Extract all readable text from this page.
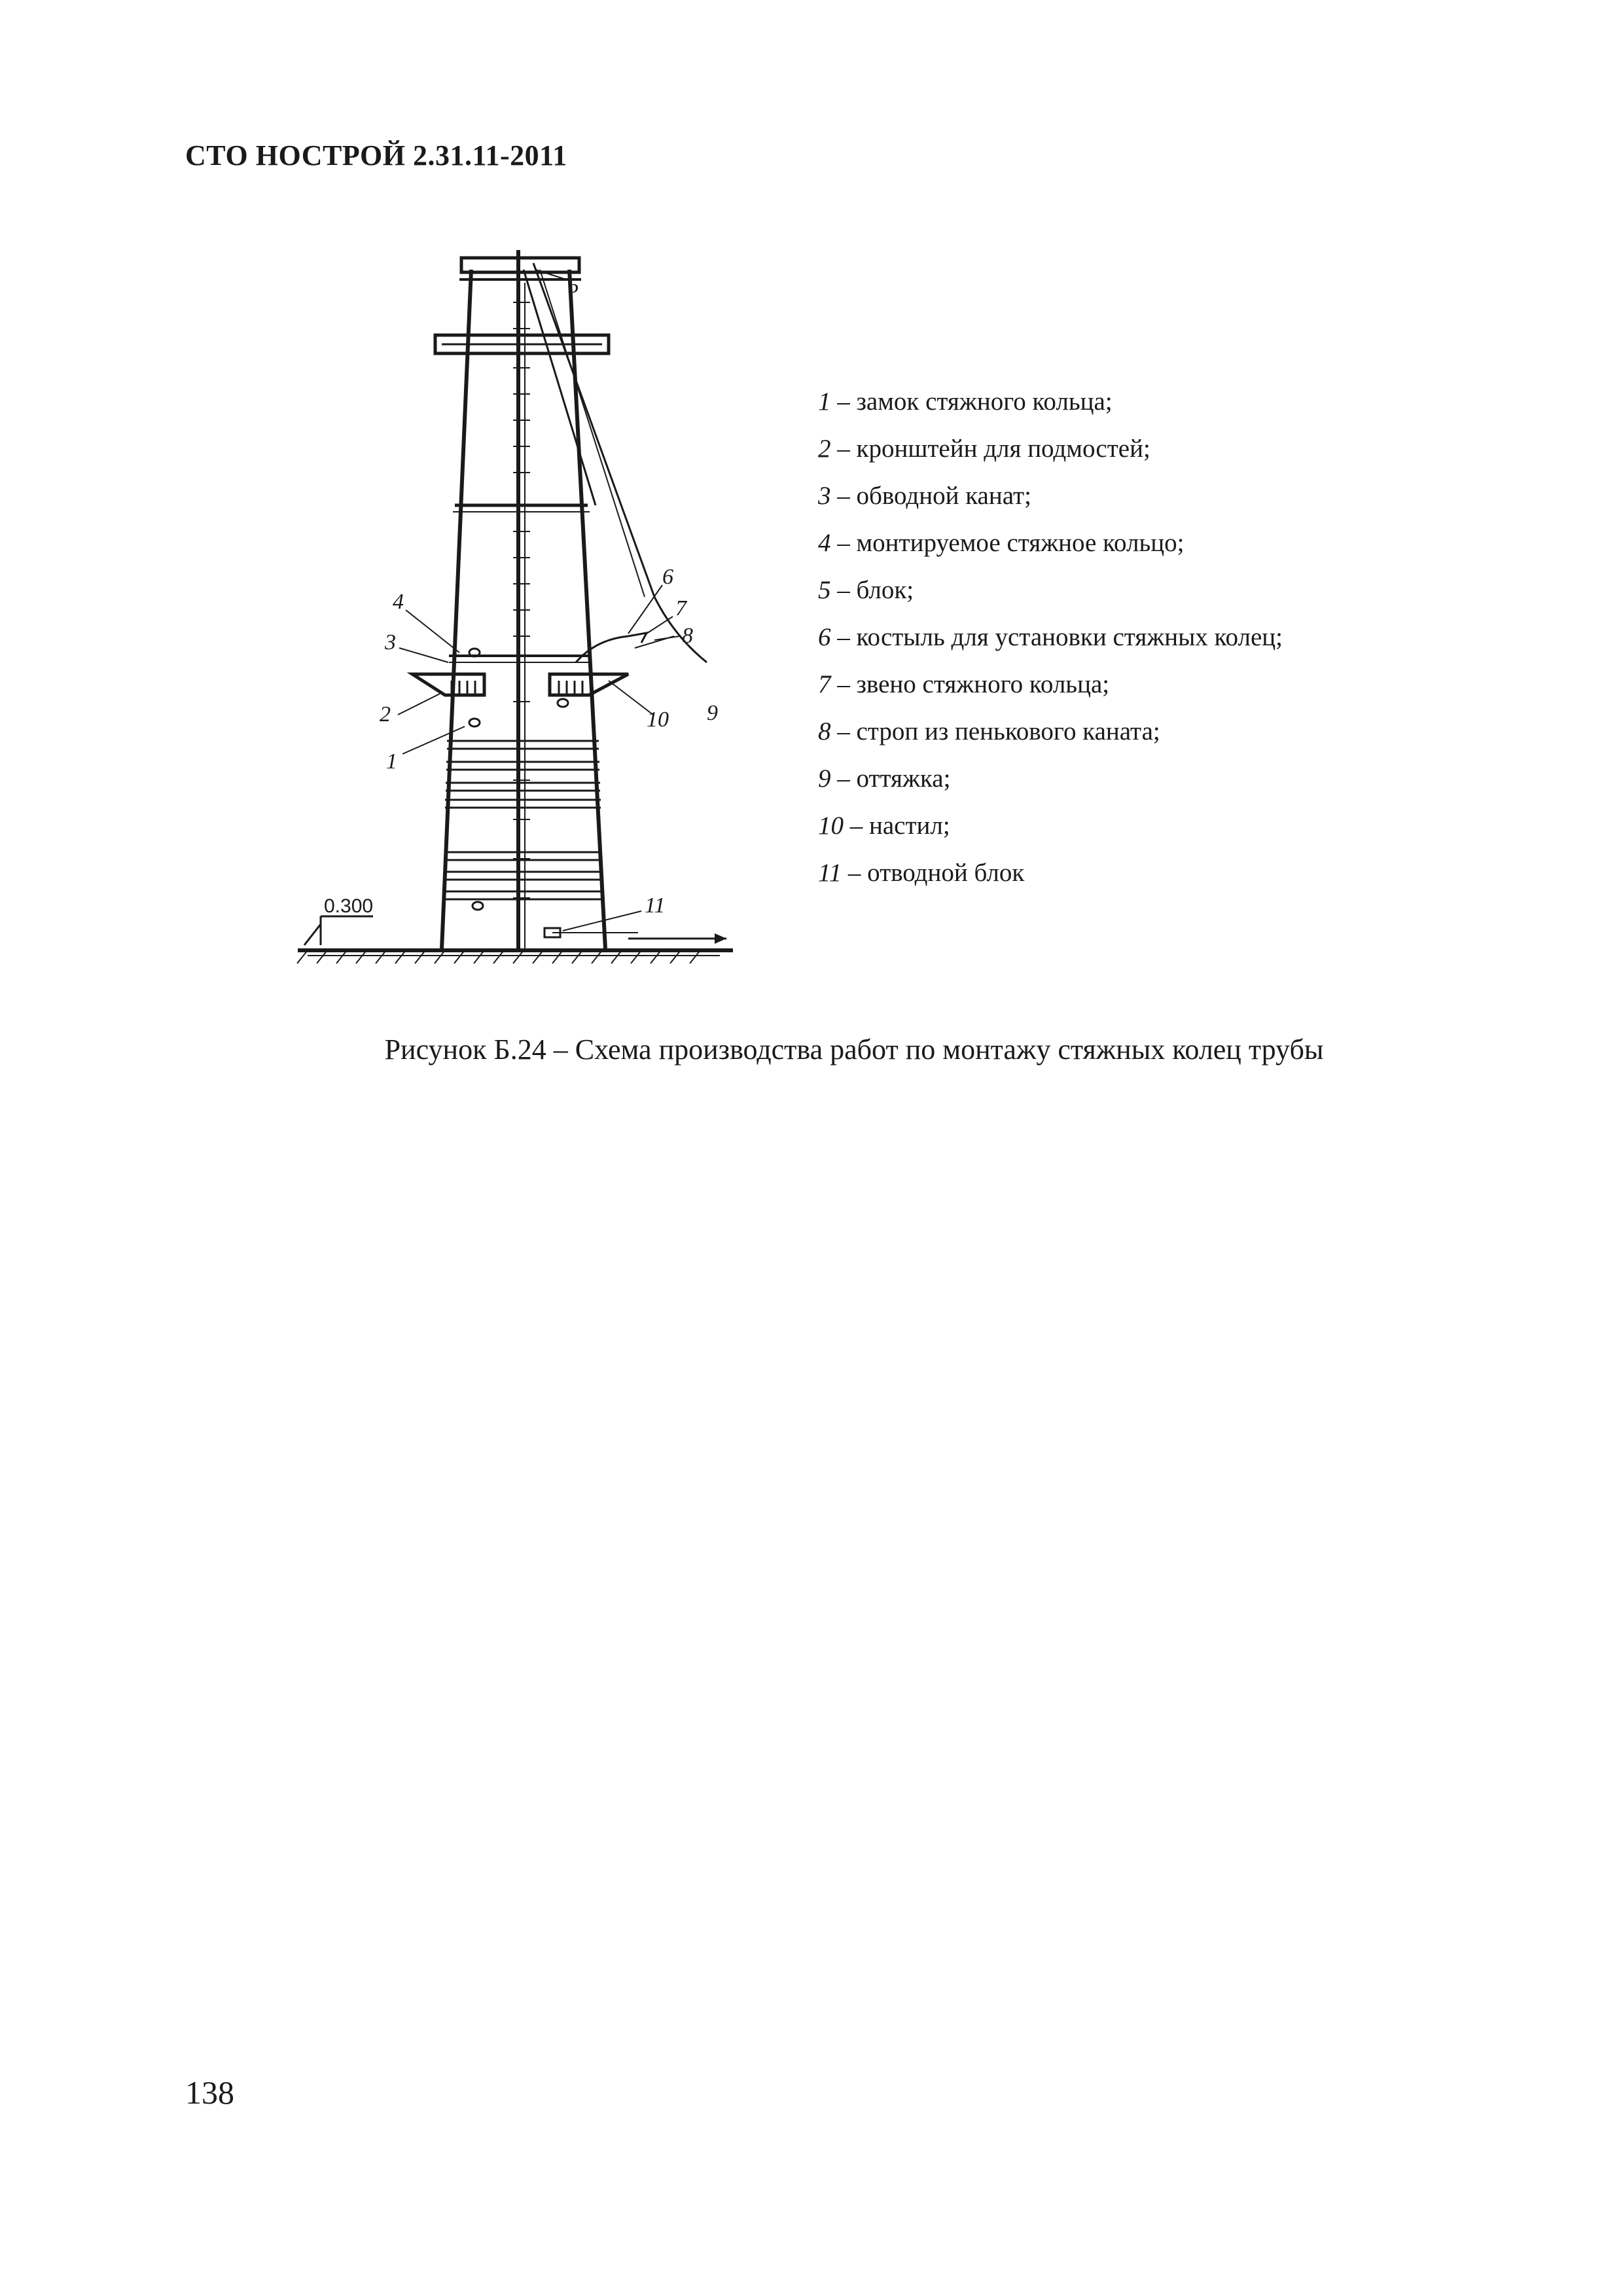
СТО НОСТРОЙ 2.31.11-2011
1
2
3
4
5
6
7
8
9
10
11
0.300
1 – замок стяжного кольца;
2 – кронштейн для подмостей;
3 – обводной канат;
4 – монтируемое стяжное кольцо;
5 – блок;
6 – костыль для установки стяжных колец;
7 – звено стяжного кольца;
8 – строп из пенькового каната;
9 – оттяжка;
10 – настил;
11 – отводной блок
Рисунок Б.24 – Схема производства работ по монтажу стяжных колец трубы
138
